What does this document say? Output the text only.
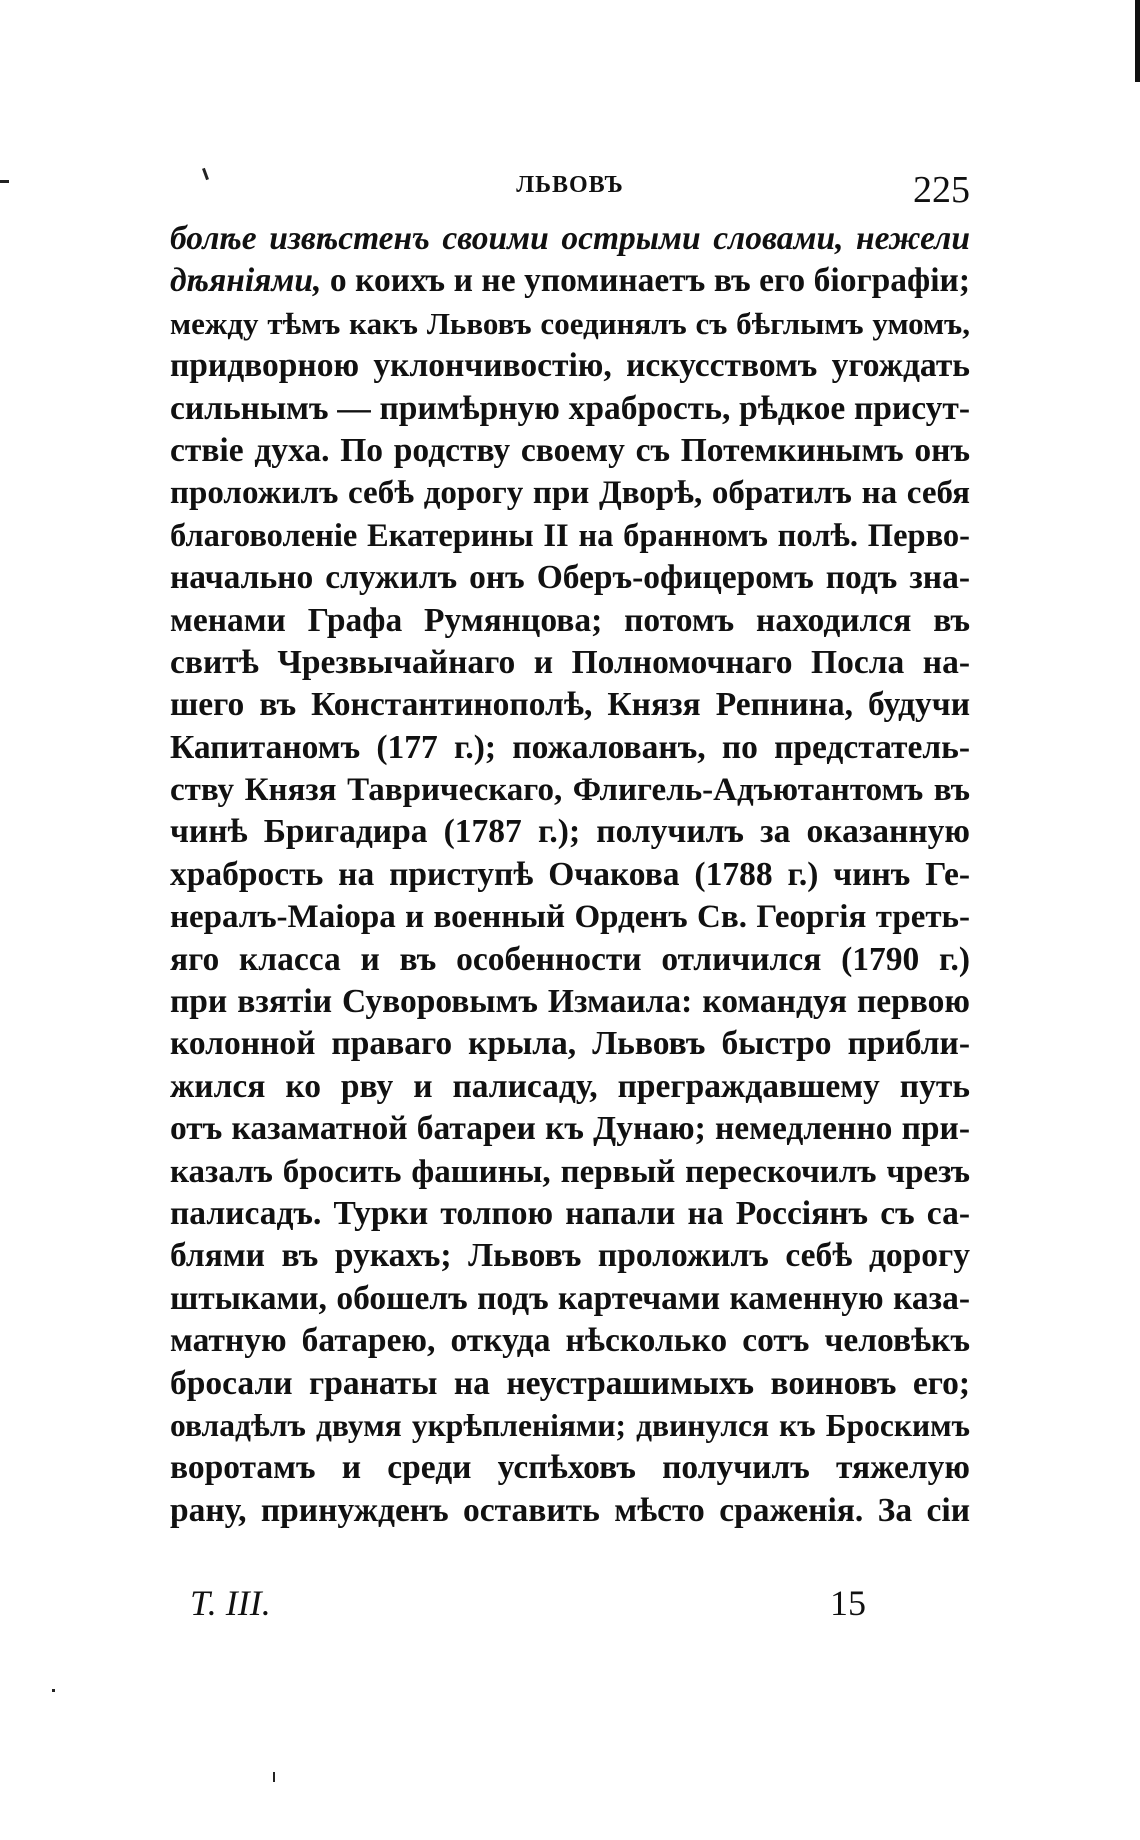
ЛЬВОВЪ	225
болѣе извѣстенъ своими острыми словами, нежели
дѣяніями, о коихъ и не упоминаетъ въ его біографіи;
между тѣмъ какъ Львовъ соединялъ съ бѣглымъ умомъ,
придворною уклончивостію, искусствомъ угождать
сильнымъ — примѣрную храбрость, рѣдкое присут-
ствіе духа. По родству своему съ Потемкинымъ онъ
проложилъ себѣ дорогу при Дворѣ, обратилъ на себя
благоволеніе Екатерины II на бранномъ полѣ. Перво-
начально служилъ онъ Оберъ-офицеромъ подъ зна-
менами Графа Румянцова; потомъ находился въ
свитѣ Чрезвычайнаго и Полномочнаго Посла на-
шего въ Константинополѣ, Князя Репнина, будучи
Капитаномъ (177 г.); пожалованъ, по предстатель-
ству Князя Таврическаго, Флигель-Адъютантомъ въ
чинѣ Бригадира (1787 г.); получилъ за оказанную
храбрость на приступѣ Очакова (1788 г.) чинъ Ге-
нералъ-Маіора и военный Орденъ Св. Георгія треть-
яго класса и въ особенности отличился (1790 г.)
при взятіи Суворовымъ Измаила: командуя первою
колонной праваго крыла, Львовъ быстро прибли-
жился ко рву и палисаду, преграждавшему путь
отъ казаматной батареи къ Дунаю; немедленно при-
казалъ бросить фашины, первый перескочилъ чрезъ
палисадъ. Турки толпою напали на Россіянъ съ са-
блями въ рукахъ; Львовъ проложилъ себѣ дорогу
штыками, обошелъ подъ картечами каменную каза-
матную батарею, откуда нѣсколько сотъ человѣкъ
бросали гранаты на неустрашимыхъ воиновъ его;
овладѣлъ двумя укрѣпленіями; двинулся къ Броскимъ
воротамъ и среди успѣховъ получилъ тяжелую
рану, принужденъ оставить мѣсто сраженія. За сіи
Т. III.	15
